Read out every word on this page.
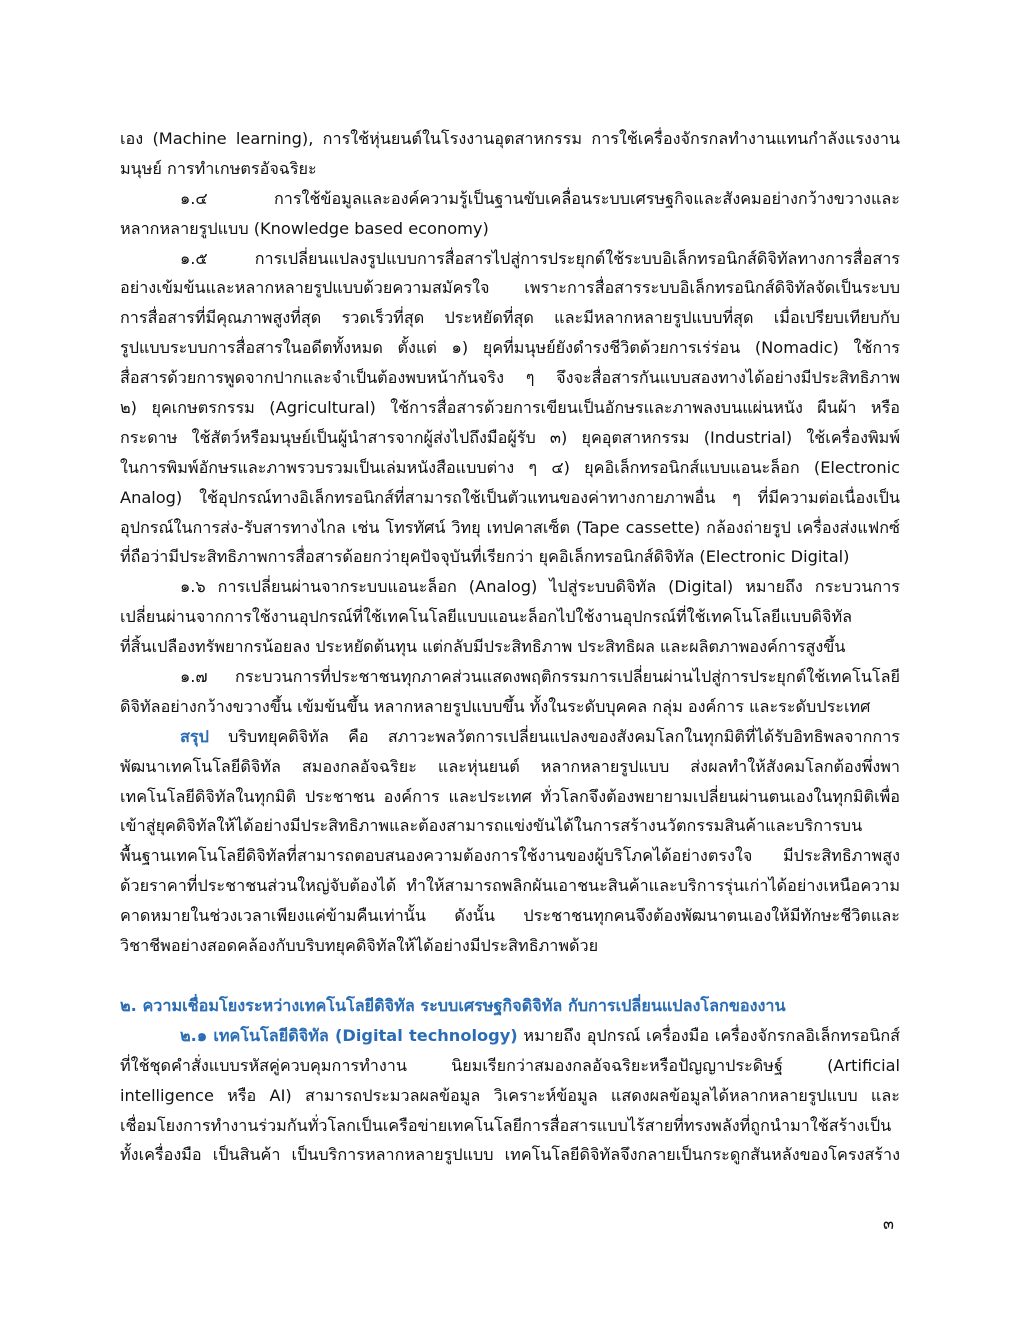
เอง (Machine learning), การใช้หุ่นยนต์ในโรงงานอุตสาหกรรม การใช้เครื่องจักรกลทำงานแทนกำลังแรงงาน
มนุษย์ การทำเกษตรอัจฉริยะ
๑.๔ การใช้ข้อมูลและองค์ความรู้เป็นฐานขับเคลื่อนระบบเศรษฐกิจและสังคมอย่างกว้างขวางและ
หลากหลายรูปแบบ (Knowledge based economy)
๑.๕ การเปลี่ยนแปลงรูปแบบการสื่อสารไปสู่การประยุกต์ใช้ระบบอิเล็กทรอนิกส์ดิจิทัลทางการสื่อสาร
อย่างเข้มข้นและหลากหลายรูปแบบด้วยความสมัครใจ เพราะการสื่อสารระบบอิเล็กทรอนิกส์ดิจิทัลจัดเป็นระบบ
การสื่อสารที่มีคุณภาพสูงที่สุด รวดเร็วที่สุด ประหยัดที่สุด และมีหลากหลายรูปแบบที่สุด เมื่อเปรียบเทียบกับ
รูปแบบระบบการสื่อสารในอดีตทั้งหมด ตั้งแต่ ๑) ยุคที่มนุษย์ยังดำรงชีวิตด้วยการเร่ร่อน (Nomadic) ใช้การ
สื่อสารด้วยการพูดจากปากและจำเป็นต้องพบหน้ากันจริง ๆ จึงจะสื่อสารกันแบบสองทางได้อย่างมีประสิทธิภาพ
๒) ยุคเกษตรกรรม (Agricultural) ใช้การสื่อสารด้วยการเขียนเป็นอักษรและภาพลงบนแผ่นหนัง ผืนผ้า หรือ
กระดาษ ใช้สัตว์หรือมนุษย์เป็นผู้นำสารจากผู้ส่งไปถึงมือผู้รับ ๓) ยุคอุตสาหกรรม (Industrial) ใช้เครื่องพิมพ์
ในการพิมพ์อักษรและภาพรวบรวมเป็นเล่มหนังสือแบบต่าง ๆ ๔) ยุคอิเล็กทรอนิกส์แบบแอนะล็อก (Electronic
Analog) ใช้อุปกรณ์ทางอิเล็กทรอนิกส์ที่สามารถใช้เป็นตัวแทนของค่าทางกายภาพอื่น ๆ ที่มีความต่อเนื่องเป็น
อุปกรณ์ในการส่ง-รับสารทางไกล เช่น โทรทัศน์ วิทยุ เทปคาสเซ็ต (Tape cassette) กล้องถ่ายรูป เครื่องส่งแฟกซ์
ที่ถือว่ามีประสิทธิภาพการสื่อสารด้อยกว่ายุคปัจจุบันที่เรียกว่า ยุคอิเล็กทรอนิกส์ดิจิทัล (Electronic Digital)
๑.๖ การเปลี่ยนผ่านจากระบบแอนะล็อก (Analog) ไปสู่ระบบดิจิทัล (Digital) หมายถึง กระบวนการ
เปลี่ยนผ่านจากการใช้งานอุปกรณ์ที่ใช้เทคโนโลยีแบบแอนะล็อกไปใช้งานอุปกรณ์ที่ใช้เทคโนโลยีแบบดิจิทัล
ที่สิ้นเปลืองทรัพยากรน้อยลง ประหยัดต้นทุน แต่กลับมีประสิทธิภาพ ประสิทธิผล และผลิตภาพองค์การสูงขึ้น
๑.๗ กระบวนการที่ประชาชนทุกภาคส่วนแสดงพฤติกรรมการเปลี่ยนผ่านไปสู่การประยุกต์ใช้เทคโนโลยี
ดิจิทัลอย่างกว้างขวางขึ้น เข้มข้นขึ้น หลากหลายรูปแบบขึ้น ทั้งในระดับบุคคล กลุ่ม องค์การ และระดับประเทศ
สรุป บริบทยุคดิจิทัล คือ สภาวะพลวัตการเปลี่ยนแปลงของสังคมโลกในทุกมิติที่ได้รับอิทธิพลจากการ
พัฒนาเทคโนโลยีดิจิทัล สมองกลอัจฉริยะ และหุ่นยนต์ หลากหลายรูปแบบ ส่งผลทำให้สังคมโลกต้องพึ่งพา
เทคโนโลยีดิจิทัลในทุกมิติ ประชาชน องค์การ และประเทศ ทั่วโลกจึงต้องพยายามเปลี่ยนผ่านตนเองในทุกมิติเพื่อ
เข้าสู่ยุคดิจิทัลให้ได้อย่างมีประสิทธิภาพและต้องสามารถแข่งขันได้ในการสร้างนวัตกรรมสินค้าและบริการบน
พื้นฐานเทคโนโลยีดิจิทัลที่สามารถตอบสนองความต้องการใช้งานของผู้บริโภคได้อย่างตรงใจ มีประสิทธิภาพสูง
ด้วยราคาที่ประชาชนส่วนใหญ่จับต้องได้ ทำให้สามารถพลิกผันเอาชนะสินค้าและบริการรุ่นเก่าได้อย่างเหนือความ
คาดหมายในช่วงเวลาเพียงแค่ข้ามคืนเท่านั้น ดังนั้น ประชาชนทุกคนจึงต้องพัฒนาตนเองให้มีทักษะชีวิตและ
วิชาชีพอย่างสอดคล้องกับบริบทยุคดิจิทัลให้ได้อย่างมีประสิทธิภาพด้วย
๒. ความเชื่อมโยงระหว่างเทคโนโลยีดิจิทัล ระบบเศรษฐกิจดิจิทัล กับการเปลี่ยนแปลงโลกของงาน
๒.๑ เทคโนโลยีดิจิทัล (Digital technology) หมายถึง อุปกรณ์ เครื่องมือ เครื่องจักรกลอิเล็กทรอนิกส์
ที่ใช้ชุดคำสั่งแบบรหัสคู่ควบคุมการทำงาน นิยมเรียกว่าสมองกลอัจฉริยะหรือปัญญาประดิษฐ์ (Artificial
intelligence หรือ AI) สามารถประมวลผลข้อมูล วิเคราะห์ข้อมูล แสดงผลข้อมูลได้หลากหลายรูปแบบ และ
เชื่อมโยงการทำงานร่วมกันทั่วโลกเป็นเครือข่ายเทคโนโลยีการสื่อสารแบบไร้สายที่ทรงพลังที่ถูกนำมาใช้สร้างเป็น
ทั้งเครื่องมือ เป็นสินค้า เป็นบริการหลากหลายรูปแบบ เทคโนโลยีดิจิทัลจึงกลายเป็นกระดูกสันหลังของโครงสร้าง
๓
